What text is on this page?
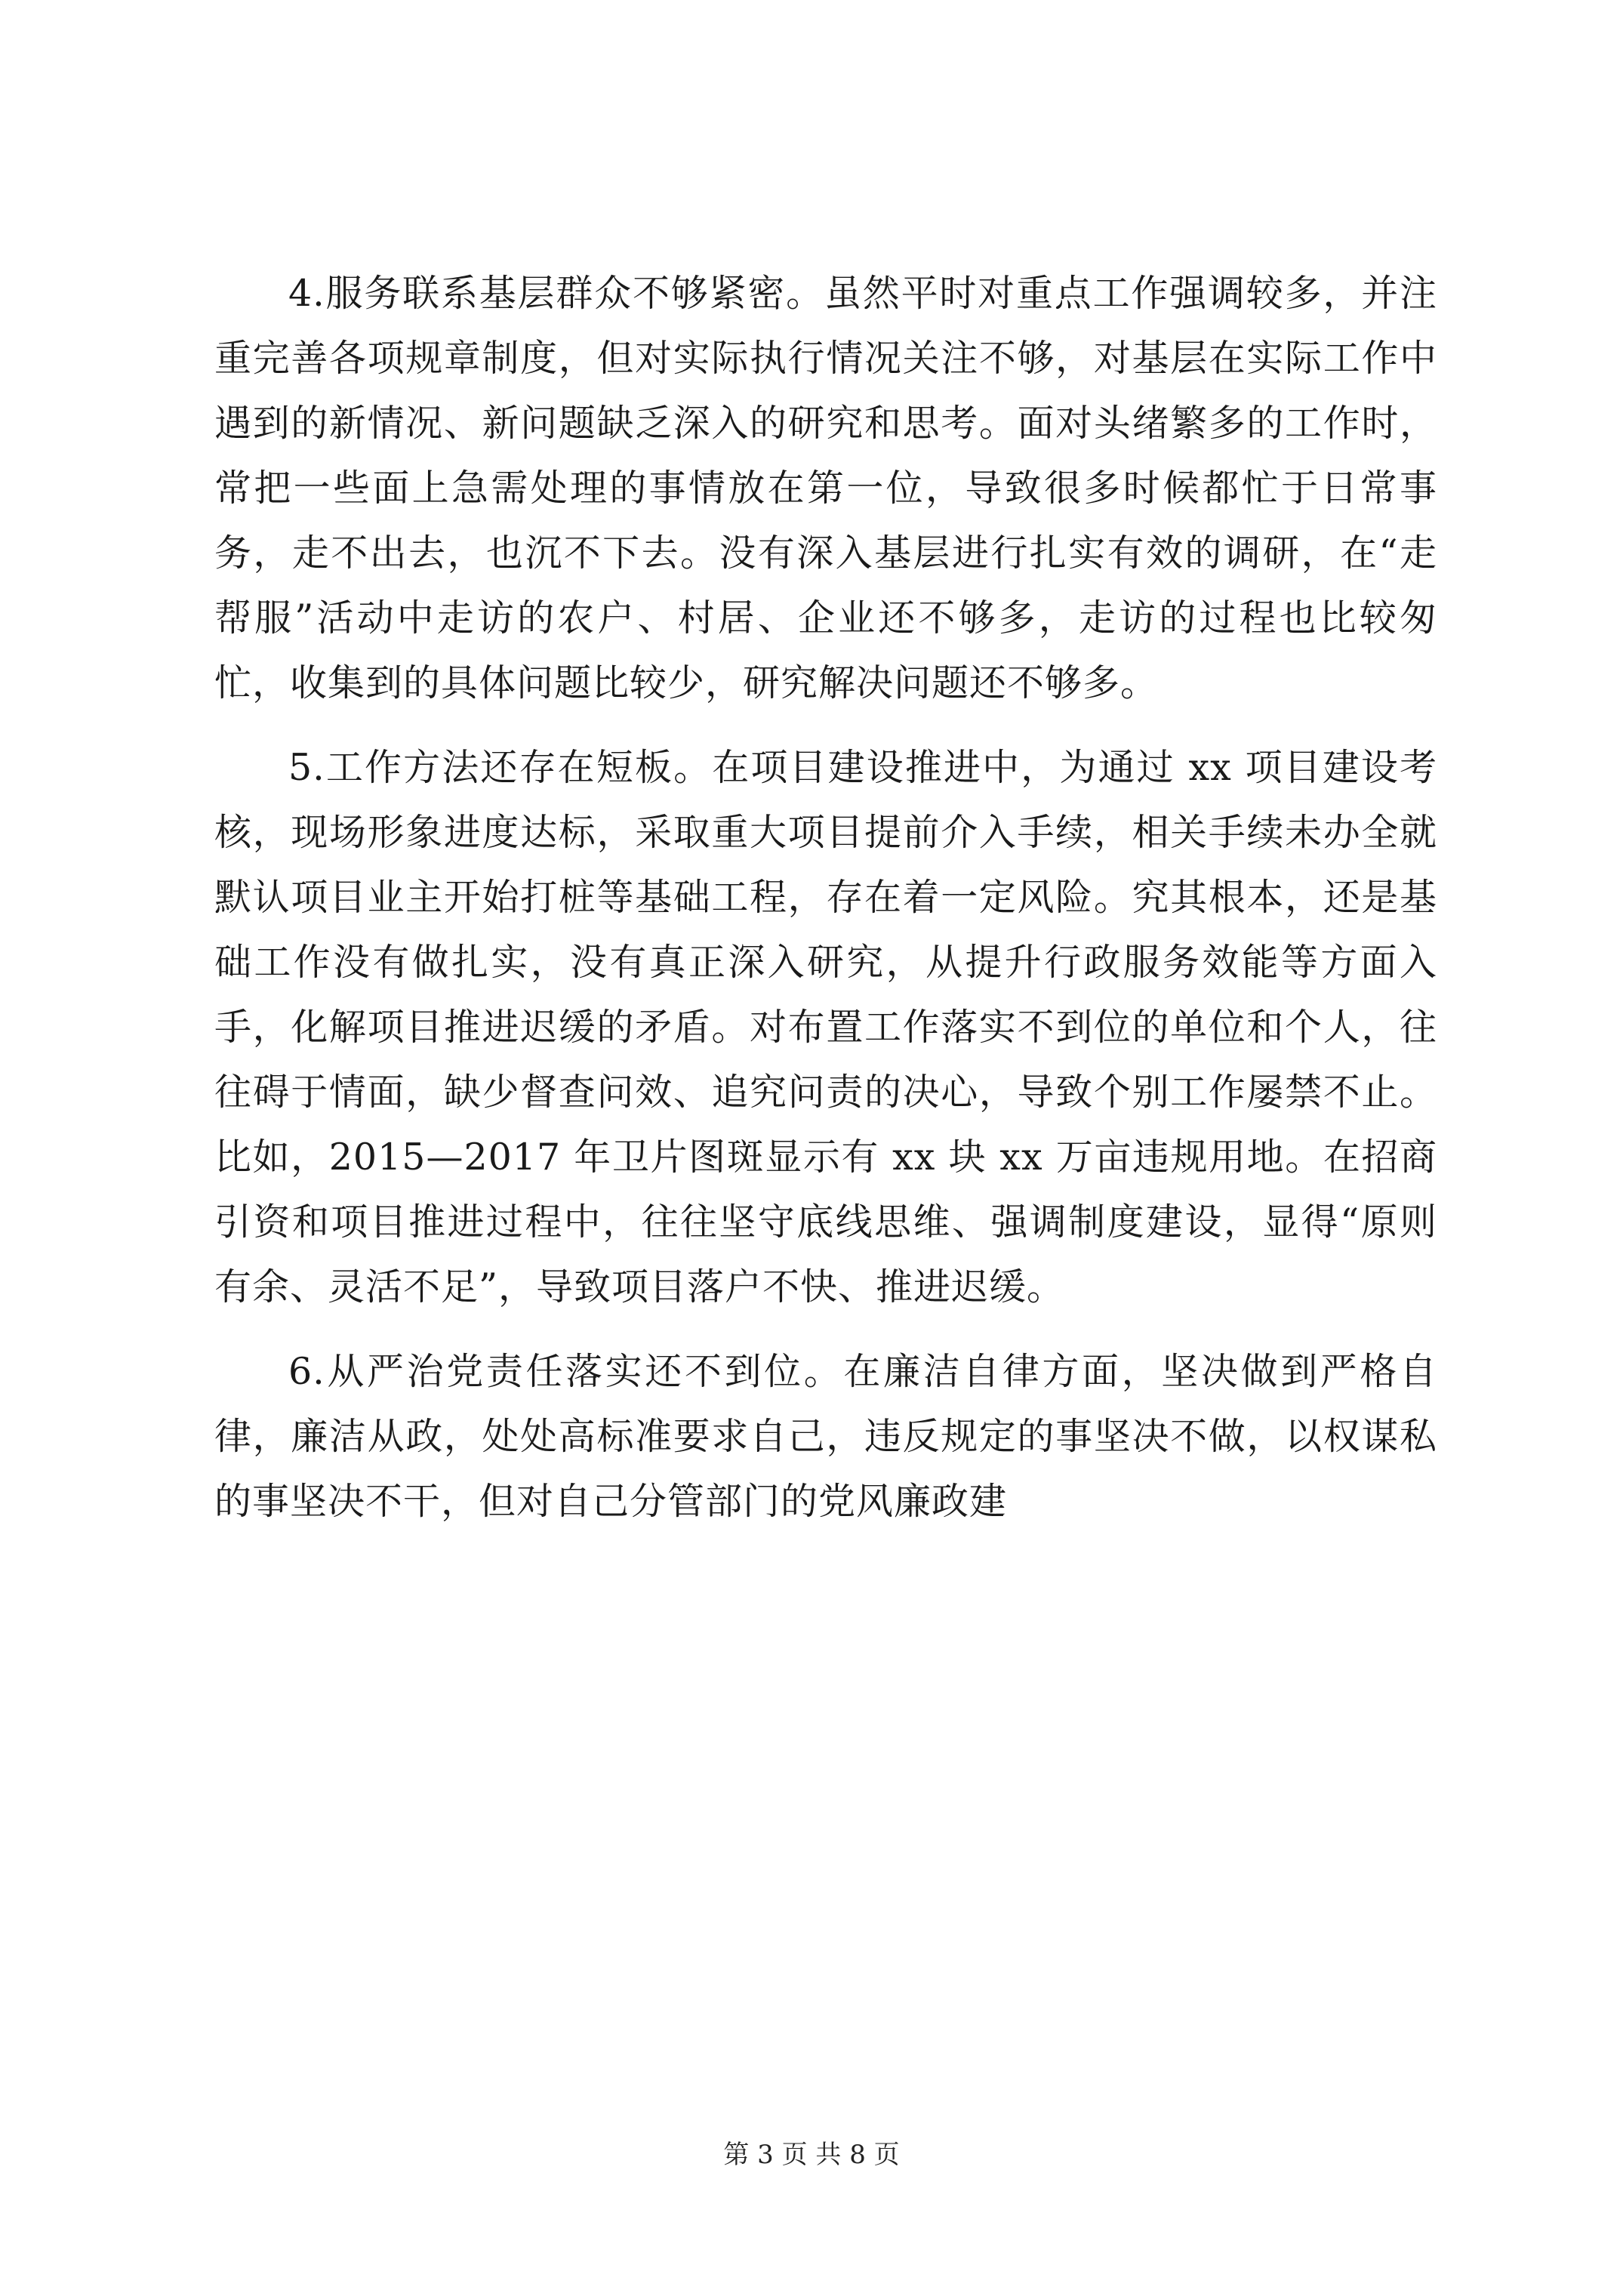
4.服务联系基层群众不够紧密。虽然平时对重点工作强调较多，并注重完善各项规章制度，但对实际执行情况关注不够，对基层在实际工作中遇到的新情况、新问题缺乏深入的研究和思考。面对头绪繁多的工作时，常把一些面上急需处理的事情放在第一位，导致很多时候都忙于日常事务，走不出去，也沉不下去。没有深入基层进行扎实有效的调研，在“走帮服”活动中走访的农户、村居、企业还不够多，走访的过程也比较匆忙，收集到的具体问题比较少，研究解决问题还不够多。

5.工作方法还存在短板。在项目建设推进中，为通过 xx 项目建设考核，现场形象进度达标，采取重大项目提前介入手续，相关手续未办全就默认项目业主开始打桩等基础工程，存在着一定风险。究其根本，还是基础工作没有做扎实，没有真正深入研究，从提升行政服务效能等方面入手，化解项目推进迟缓的矛盾。对布置工作落实不到位的单位和个人，往往碍于情面，缺少督查问效、追究问责的决心，导致个别工作屡禁不止。比如，2015—2017 年卫片图斑显示有 xx 块 xx 万亩违规用地。在招商引资和项目推进过程中，往往坚守底线思维、强调制度建设，显得“原则有余、灵活不足”，导致项目落户不快、推进迟缓。

6.从严治党责任落实还不到位。在廉洁自律方面，坚决做到严格自律，廉洁从政，处处高标准要求自己，违反规定的事坚决不做，以权谋私的事坚决不干，但对自己分管部门的党风廉政建

第 3 页 共 8 页
